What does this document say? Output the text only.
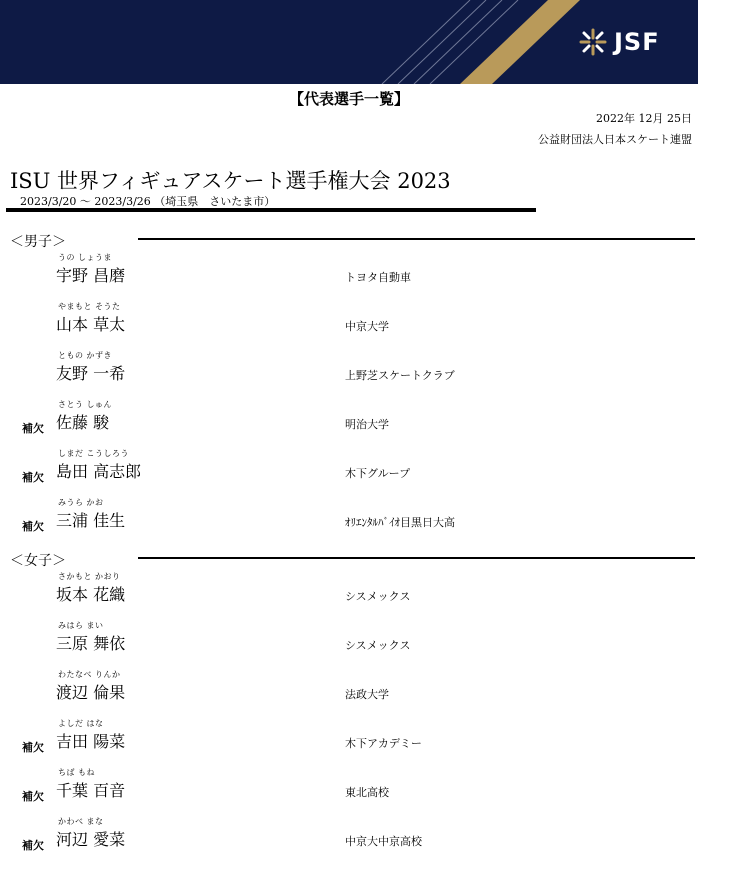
JSF
【代表選手一覧】
2022年 12月 25日
公益財団法人日本スケート連盟
ISU 世界フィギュアスケート選手権大会 2023
2023/3/20 ～ 2023/3/26 （埼玉県　さいたま市）
＜男子＞
うの しょうま
宇野 昌磨	トヨタ自動車
やまもと そうた
山本 草太	中京大学
ともの かずき
友野 一希	上野芝スケートクラブ
補欠
さとう しゅん
佐藤 駿	明治大学
補欠
しまだ こうしろう
島田 高志郎	木下グループ
補欠
みうら かお
三浦 佳生	ｵﾘｴﾝﾀﾙﾊﾞｲｵ目黒日大高
＜女子＞
さかもと かおり
坂本 花織	シスメックス
みはら まい
三原 舞依	シスメックス
わたなべ りんか
渡辺 倫果	法政大学
補欠
よしだ はな
吉田 陽菜	木下アカデミー
補欠
ちば もね
千葉 百音	東北高校
補欠
かわべ まな
河辺 愛菜	中京大中京高校
